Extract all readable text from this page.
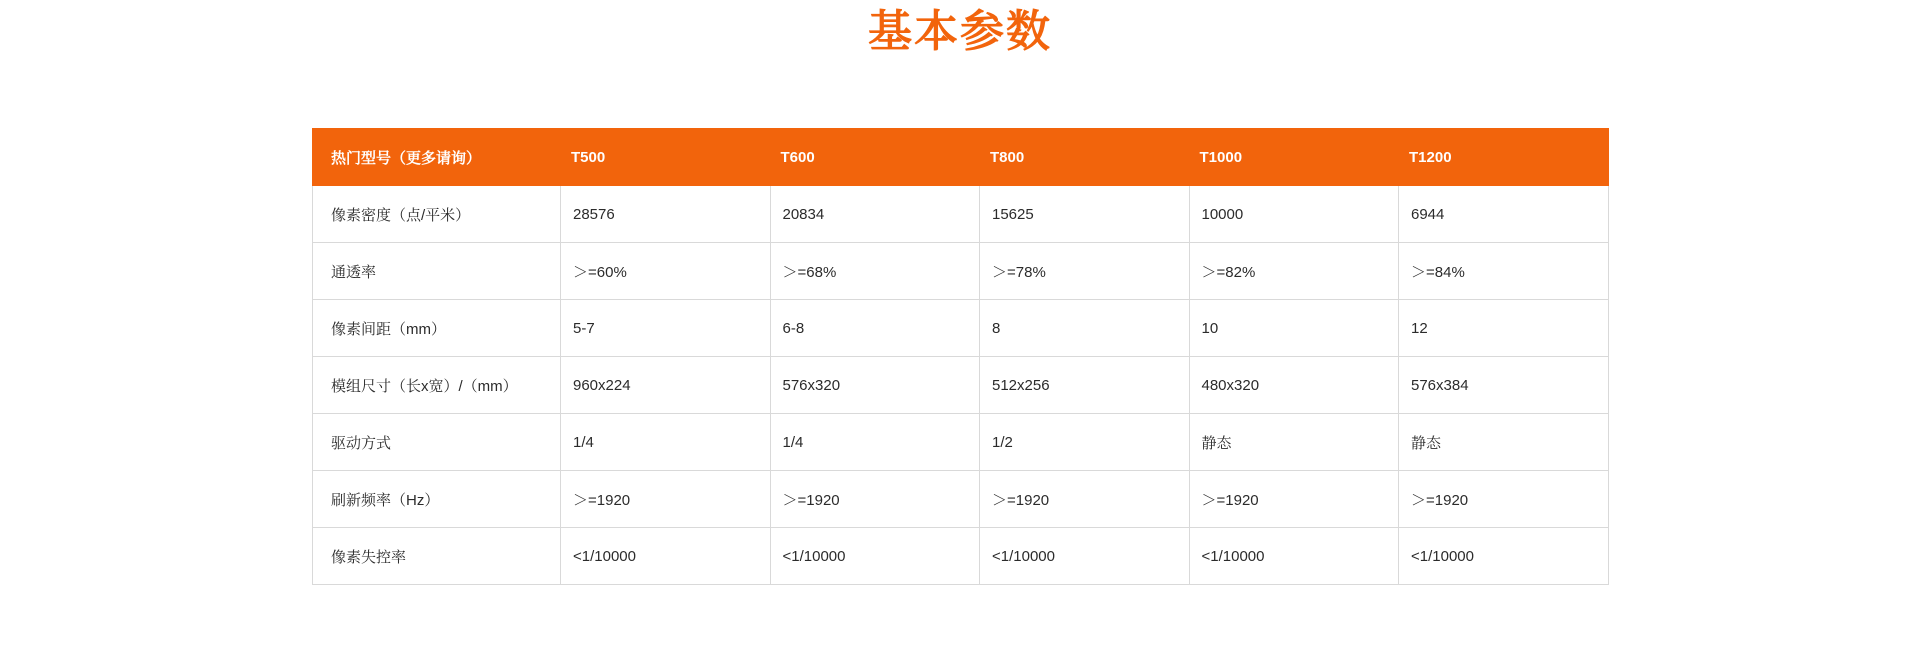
基本参数
热门型号（更多请询）	T500	T600	T800	T1000	T1200
像素密度（点/平米）	28576	20834	15625	10000	6944
通透率	＞=60%	＞=68%	＞=78%	＞=82%	＞=84%
像素间距（mm）	5-7	6-8	8	10	12
模组尺寸（长x宽）/（mm）	960x224	576x320	512x256	480x320	576x384
驱动方式	1/4	1/4	1/2	静态	静态
刷新频率（Hz）	＞=1920	＞=1920	＞=1920	＞=1920	＞=1920
像素失控率	<1/10000	<1/10000	<1/10000	<1/10000	<1/10000
